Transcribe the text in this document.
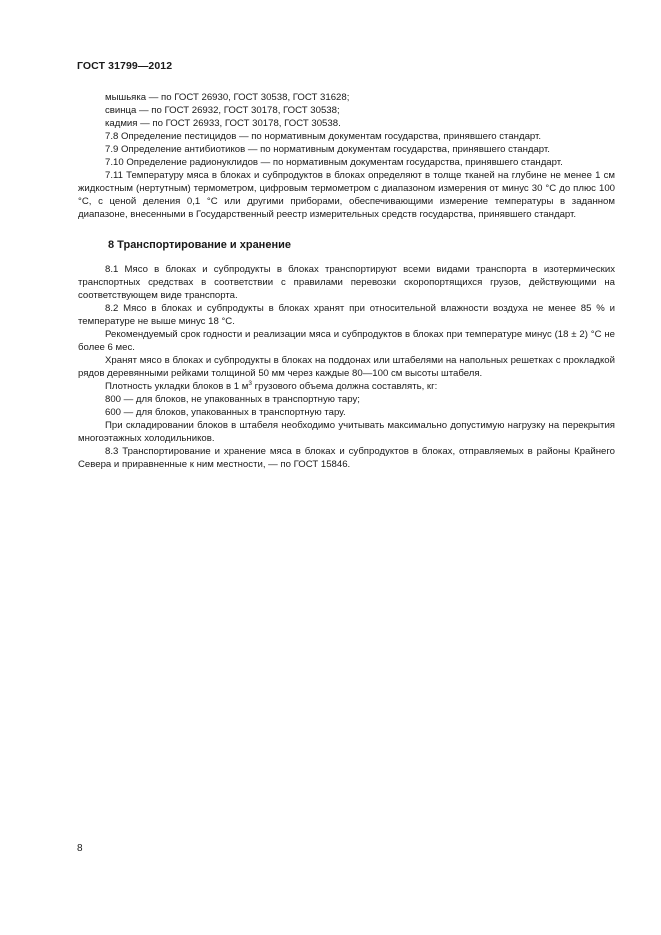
ГОСТ 31799—2012

мышьяка — по ГОСТ 26930, ГОСТ 30538, ГОСТ 31628;

свинца — по ГОСТ 26932, ГОСТ 30178, ГОСТ 30538;

кадмия — по ГОСТ 26933, ГОСТ 30178, ГОСТ 30538.

7.8 Определение пестицидов — по нормативным документам государства, принявшего стандарт.

7.9 Определение антибиотиков — по нормативным документам государства, принявшего стандарт.

7.10 Определение радионуклидов — по нормативным документам государства, принявшего стандарт.

7.11 Температуру мяса в блоках и субпродуктов в блоках определяют в толще тканей на глубине не менее 1 см жидкостным (нертутным) термометром, цифровым термометром с диапазоном измерения от минус 30 °С до плюс 100 °С, с ценой деления 0,1 °С или другими приборами, обеспечивающими измерение температуры в заданном диапазоне, внесенными в Государственный реестр измерительных средств государства, принявшего стандарт.

8 Транспортирование и хранение

8.1 Мясо в блоках и субпродукты в блоках транспортируют всеми видами транспорта в изотермических транспортных средствах в соответствии с правилами перевозки скоропортящихся грузов, действующими на соответствующем виде транспорта.

8.2 Мясо в блоках и субпродукты в блоках хранят при относительной влажности воздуха не менее 85 % и температуре не выше минус 18 °С.

Рекомендуемый срок годности и реализации мяса и субпродуктов в блоках при температуре минус (18 ± 2) °С не более 6 мес.

Хранят мясо в блоках и субпродукты в блоках на поддонах или штабелями на напольных решетках с прокладкой рядов деревянными рейками толщиной 50 мм через каждые 80—100 см высоты штабеля.

Плотность укладки блоков в 1 $м^3$ грузового объема должна составлять, кг:

800 — для блоков, не упакованных в транспортную тару;

600 — для блоков, упакованных в транспортную тару.

При складировании блоков в штабеля необходимо учитывать максимально допустимую нагрузку на перекрытия многоэтажных холодильников.

8.3 Транспортирование и хранение мяса в блоках и субпродуктов в блоках, отправляемых в районы Крайнего Севера и приравненные к ним местности, — по ГОСТ 15846.

8
